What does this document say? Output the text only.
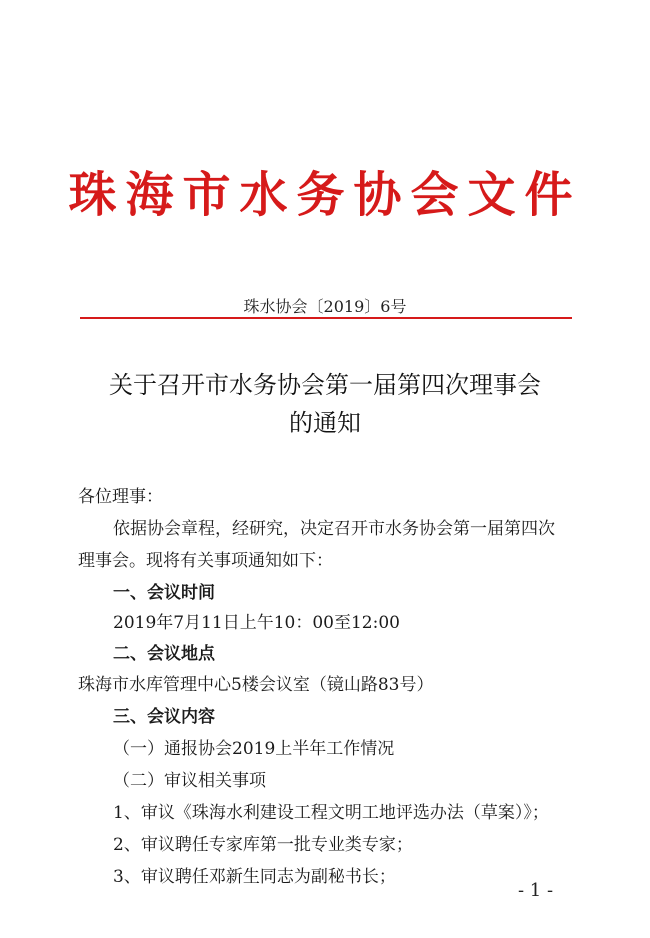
珠海市水务协会文件
珠水协会〔2019〕6号
关于召开市水务协会第一届第四次理事会
的通知
各位理事：
依据协会章程，经研究，决定召开市水务协会第一届第四次
理事会。现将有关事项通知如下：
一、会议时间
2019年7月11日上午10：00至12:00
二、会议地点
珠海市水库管理中心5楼会议室（镜山路83号）
三、会议内容
（一）通报协会2019上半年工作情况
（二）审议相关事项
1、审议《珠海水利建设工程文明工地评选办法（草案）》；
2、审议聘任专家库第一批专业类专家；
3、审议聘任邓新生同志为副秘书长；
- 1 -
